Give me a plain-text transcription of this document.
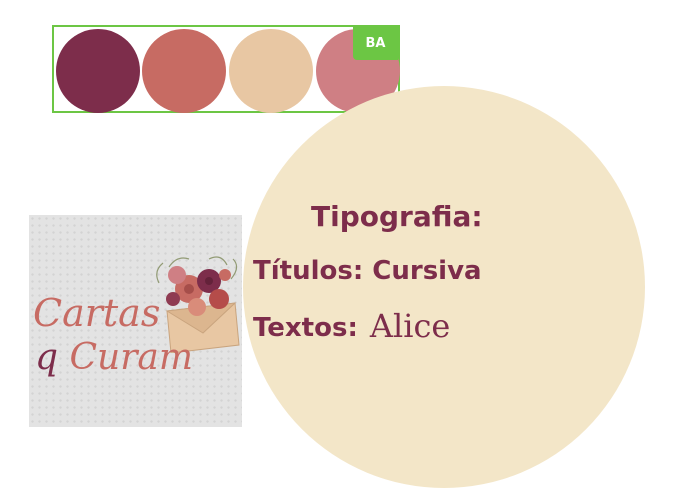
BA
Cartas
q Curam
Tipografia:
Títulos: Cursiva
Textos: Alice
